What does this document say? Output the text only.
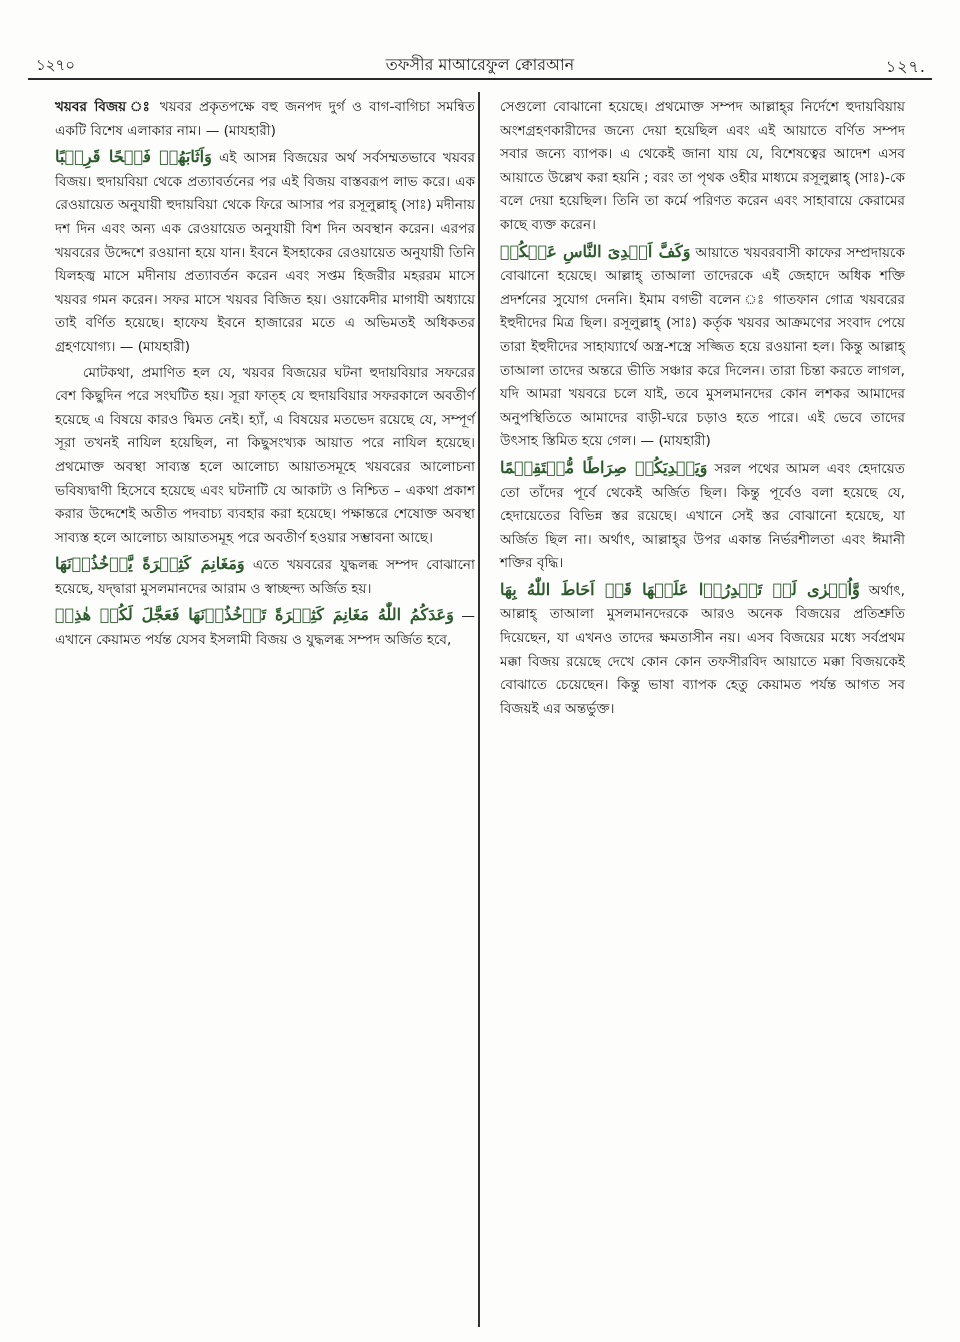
১২৭০	তফসীর মাআরেফুল ক্বোরআন	১২৭.

খয়বর বিজয় ঃ খয়বর প্রকৃতপক্ষে বহু জনপদ দুর্গ ও বাগ-বাগিচা সমন্বিত একটি বিশেষ এলাকার নাম। — (মাযহারী)

وَاَثَابَهُمۡ فَتۡحًا قَرِيۡبًا এই আসন্ন বিজয়ের অর্থ সর্বসম্মতভাবে খয়বর বিজয়। হুদায়বিয়া থেকে প্রত্যাবর্তনের পর এই বিজয় বাস্তবরূপ লাভ করে। এক রেওয়ায়েত অনুযায়ী হুদায়বিয়া থেকে ফিরে আসার পর রসূলুল্লাহ্ (সাঃ) মদীনায় দশ দিন এবং অন্য এক রেওয়ায়েত অনুযায়ী বিশ দিন অবস্থান করেন। এরপর খয়বরের উদ্দেশে রওয়ানা হয়ে যান। ইবনে ইসহাকের রেওয়ায়েত অনুযায়ী তিনি যিলহজ্ব মাসে মদীনায় প্রত্যাবর্তন করেন এবং সপ্তম হিজরীর মহররম মাসে খয়বর গমন করেন। সফর মাসে খয়বর বিজিত হয়। ওয়াকেদীর মাগাযী অধ্যায়ে তাই বর্ণিত হয়েছে। হাফেয ইবনে হাজারের মতে এ অভিমতই অধিকতর গ্রহণযোগ্য। — (মাযহারী)

মোটকথা, প্রমাণিত হল যে, খয়বর বিজয়ের ঘটনা হুদায়বিয়ার সফরের বেশ কিছুদিন পরে সংঘটিত হয়। সূরা ফাত্হ যে হুদায়বিয়ার সফরকালে অবতীর্ণ হয়েছে এ বিষয়ে কারও দ্বিমত নেই। হ্যাঁ, এ বিষয়ের মতভেদ রয়েছে যে, সম্পূর্ণ সূরা তখনই নাযিল হয়েছিল, না কিছুসংখ্যক আয়াত পরে নাযিল হয়েছে। প্রথমোক্ত অবস্থা সাব্যস্ত হলে আলোচ্য আয়াতসমূহে খয়বরের আলোচনা ভবিষ্যদ্বাণী হিসেবে হয়েছে এবং ঘটনাটি যে আকাট্য ও নিশ্চিত – একথা প্রকাশ করার উদ্দেশেই অতীত পদবাচ্য ব্যবহার করা হয়েছে। পক্ষান্তরে শেষোক্ত অবস্থা সাব্যস্ত হলে আলোচ্য আয়াতসমূহ পরে অবতীর্ণ হওয়ার সম্ভাবনা আছে।

وَمَغَانِمَ كَثِيۡرَةً يَّاۡخُذُوۡنَهَا এতে খয়বরের যুদ্ধলব্ধ সম্পদ বোঝানো হয়েছে, যদ্দ্বারা মুসলমানদের আরাম ও স্বাচ্ছন্দ্য অর্জিত হয়।

وَعَدَكُمُ اللّٰهُ مَغَانِمَ كَثِيۡرَةً تَاۡخُذُوۡنَهَا فَعَجَّلَ لَكُمۡ هٰذِهٖ —এখানে কেয়ামত পর্যন্ত যেসব ইসলামী বিজয় ও যুদ্ধলব্ধ সম্পদ অর্জিত হবে,

সেগুলো বোঝানো হয়েছে। প্রথমোক্ত সম্পদ আল্লাহ্‌র নির্দেশে হুদায়বিয়ায় অংশগ্রহণকারীদের জন্যে দেয়া হয়েছিল এবং এই আয়াতে বর্ণিত সম্পদ সবার জন্যে ব্যাপক। এ থেকেই জানা যায় যে, বিশেষত্বের আদেশ এসব আয়াতে উল্লেখ করা হয়নি ; বরং তা পৃথক ওহীর মাধ্যমে রসূলুল্লাহ্ (সাঃ)-কে বলে দেয়া হয়েছিল। তিনি তা কর্মে পরিণত করেন এবং সাহাবায়ে কেরামের কাছে ব্যক্ত করেন।

وَكَفَّ اَيۡدِىَ النَّاسِ عَنۡكُمۡ আয়াতে খয়বরবাসী কাফের সম্প্রদায়কে বোঝানো হয়েছে। আল্লাহ্ তাআলা তাদেরকে এই জেহাদে অধিক শক্তি প্রদর্শনের সুযোগ দেননি। ইমাম বগভী বলেন ঃ গাতফান গোত্র খয়বরের ইহুদীদের মিত্র ছিল। রসূলুল্লাহ্ (সাঃ) কর্তৃক খয়বর আক্রমণের সংবাদ পেয়ে তারা ইহুদীদের সাহায্যার্থে অস্ত্র-শস্ত্রে সজ্জিত হয়ে রওয়ানা হল। কিন্তু আল্লাহ্ তাআলা তাদের অন্তরে ভীতি সঞ্চার করে দিলেন। তারা চিন্তা করতে লাগল, যদি আমরা খয়বরে চলে যাই, তবে মুসলমানদের কোন লশকর আমাদের অনুপস্থিতিতে আমাদের বাড়ী-ঘরে চড়াও হতে পারে। এই ভেবে তাদের উৎসাহ স্তিমিত হয়ে গেল। — (মাযহারী)

وَيَهۡدِيَكُمۡ صِرَاطًا مُّسۡتَقِيۡمًا সরল পথের আমল এবং হেদায়েত তো তাঁদের পূর্বে থেকেই অর্জিত ছিল। কিন্তু পূর্বেও বলা হয়েছে যে, হেদায়েতের বিভিন্ন স্তর রয়েছে। এখানে সেই স্তর বোঝানো হয়েছে, যা অর্জিত ছিল না। অর্থাৎ, আল্লাহ্‌র উপর একান্ত নির্ভরশীলতা এবং ঈমানী শক্তির বৃদ্ধি।

وَّاُخۡرٰى لَمۡ تَقۡدِرُوۡا عَلَيۡهَا قَدۡ اَحَاطَ اللّٰهُ بِهَا অর্থাৎ, আল্লাহ্ তাআলা মুসলমানদেরকে আরও অনেক বিজয়ের প্রতিশ্রুতি দিয়েছেন, যা এখনও তাদের ক্ষমতাসীন নয়। এসব বিজয়ের মধ্যে সর্বপ্রথম মক্কা বিজয় রয়েছে দেখে কোন কোন তফসীরবিদ আয়াতে মক্কা বিজয়কেই বোঝাতে চেয়েছেন। কিন্তু ভাষা ব্যাপক হেতু কেয়ামত পর্যন্ত আগত সব বিজয়ই এর অন্তর্ভুক্ত।
